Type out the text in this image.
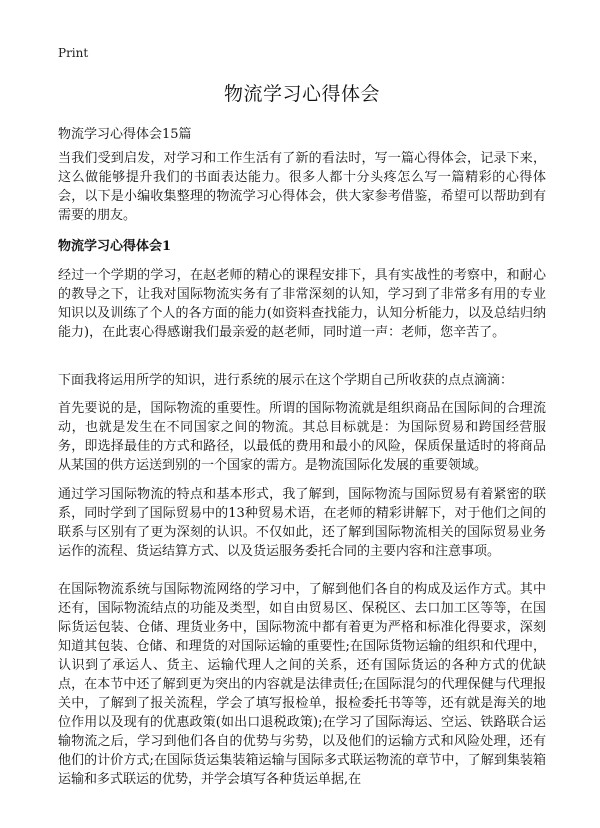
Print
物流学习心得体会
物流学习心得体会15篇

当我们受到启发，对学习和工作生活有了新的看法时，写一篇心得体会，记录下来，这么做能够提升我们的书面表达能力。很多人都十分头疼怎么写一篇精彩的心得体会，以下是小编收集整理的物流学习心得体会，供大家参考借鉴，希望可以帮助到有需要的朋友。

物流学习心得体会1

经过一个学期的学习，在赵老师的精心的课程安排下，具有实战性的考察中，和耐心的教导之下，让我对国际物流实务有了非常深刻的认知，学习到了非常多有用的专业知识以及训练了个人的各方面的能力(如资料查找能力，认知分析能力，以及总结归纳能力)，在此衷心得感谢我们最亲爱的赵老师，同时道一声：老师，您辛苦了。

下面我将运用所学的知识，进行系统的展示在这个学期自己所收获的点点滴滴：

首先要说的是，国际物流的重要性。所谓的国际物流就是组织商品在国际间的合理流动，也就是发生在不同国家之间的物流。其总目标就是：为国际贸易和跨国经营服务，即选择最佳的方式和路径，以最低的费用和最小的风险，保质保量适时的将商品从某国的供方运送到别的一个国家的需方。是物流国际化发展的重要领域。

通过学习国际物流的特点和基本形式，我了解到，国际物流与国际贸易有着紧密的联系，同时学到了国际贸易中的13种贸易术语，在老师的精彩讲解下，对于他们之间的联系与区别有了更为深刻的认识。不仅如此，还了解到国际物流相关的国际贸易业务运作的流程、货运结算方式、以及货运服务委托合同的主要内容和注意事项。

在国际物流系统与国际物流网络的学习中，了解到他们各自的构成及运作方式。其中还有，国际物流结点的功能及类型，如自由贸易区、保税区、去口加工区等等，在国际货运包装、仓储、理货业务中，国际物流中都有着更为严格和标准化得要求，深刻知道其包装、仓储、和理货的对国际运输的重要性;在国际货物运输的组织和代理中，认识到了承运人、货主、运输代理人之间的关系，还有国际货运的各种方式的优缺点，在本节中还了解到更为突出的内容就是法律责任;在国际混匀的代理保健与代理报关中，了解到了报关流程，学会了填写报检单，报检委托书等等，还有就是海关的地位作用以及现有的优惠政策(如出口退税政策);在学习了国际海运、空运、铁路联合运输物流之后，学习到他们各自的优势与劣势，以及他们的运输方式和风险处理，还有他们的计价方式;在国际货运集装箱运输与国际多式联运物流的章节中，了解到集装箱运输和多式联运的优势，并学会填写各种货运单据,在
